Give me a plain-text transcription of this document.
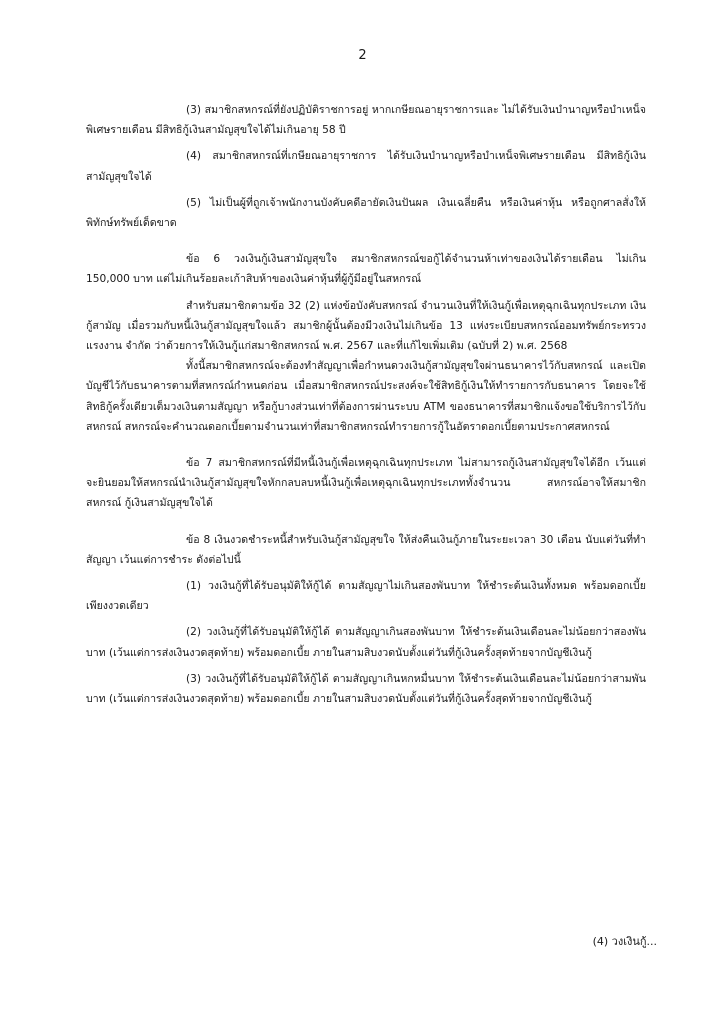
2

(3) สมาชิกสหกรณ์ที่ยังปฏิบัติราชการอยู่ หากเกษียณอายุราชการและ ไม่ได้รับเงินบำนาญหรือบำเหน็จพิเศษรายเดือน มีสิทธิกู้เงินสามัญสุขใจได้ไม่เกินอายุ 58 ปี

(4) สมาชิกสหกรณ์ที่เกษียณอายุราชการ ได้รับเงินบำนาญหรือบำเหน็จพิเศษรายเดือน มีสิทธิกู้เงินสามัญสุขใจได้

(5) ไม่เป็นผู้ที่ถูกเจ้าพนักงานบังคับคดีอายัดเงินปันผล เงินเฉลี่ยคืน หรือเงินค่าหุ้น หรือถูกศาลสั่งให้พิทักษ์ทรัพย์เด็ดขาด

ข้อ 6 วงเงินกู้เงินสามัญสุขใจ สมาชิกสหกรณ์ขอกู้ได้จำนวนห้าเท่าของเงินได้รายเดือน ไม่เกิน 150,000 บาท แต่ไม่เกินร้อยละเก้าสิบห้าของเงินค่าหุ้นที่ผู้กู้มีอยู่ในสหกรณ์

สำหรับสมาชิกตามข้อ 32 (2) แห่งข้อบังคับสหกรณ์ จำนวนเงินที่ให้เงินกู้เพื่อเหตุฉุกเฉินทุกประเภท เงินกู้สามัญ เมื่อรวมกับหนี้เงินกู้สามัญสุขใจแล้ว สมาชิกผู้นั้นต้องมีวงเงินไม่เกินข้อ 13 แห่งระเบียบสหกรณ์ออมทรัพย์กระทรวงแรงงาน จำกัด ว่าด้วยการให้เงินกู้แก่สมาชิกสหกรณ์ พ.ศ. 2567 และที่แก้ไขเพิ่มเติม (ฉบับที่ 2) พ.ศ. 2568

ทั้งนี้สมาชิกสหกรณ์จะต้องทำสัญญาเพื่อกำหนดวงเงินกู้สามัญสุขใจผ่านธนาคารไว้กับสหกรณ์ และเปิดบัญชีไว้กับธนาคารตามที่สหกรณ์กำหนดก่อน เมื่อสมาชิกสหกรณ์ประสงค์จะใช้สิทธิกู้เงินให้ทำรายการกับธนาคาร โดยจะใช้สิทธิกู้ครั้งเดียวเต็มวงเงินตามสัญญา หรือกู้บางส่วนเท่าที่ต้องการผ่านระบบ ATM ของธนาคารที่สมาชิกแจ้งขอใช้บริการไว้กับสหกรณ์ สหกรณ์จะคำนวณดอกเบี้ยตามจำนวนเท่าที่สมาชิกสหกรณ์ทำรายการกู้ในอัตราดอกเบี้ยตามประกาศสหกรณ์

ข้อ 7 สมาชิกสหกรณ์ที่มีหนี้เงินกู้เพื่อเหตุฉุกเฉินทุกประเภท ไม่สามารถกู้เงินสามัญสุขใจได้อีก เว้นแต่จะยินยอมให้สหกรณ์นำเงินกู้สามัญสุขใจหักกลบลบหนี้เงินกู้เพื่อเหตุฉุกเฉินทุกประเภททั้งจำนวน สหกรณ์อาจให้สมาชิกสหกรณ์ กู้เงินสามัญสุขใจได้

ข้อ 8 เงินงวดชำระหนี้สำหรับเงินกู้สามัญสุขใจ ให้ส่งคืนเงินกู้ภายในระยะเวลา 30 เดือน นับแต่วันที่ทำสัญญา เว้นแต่การชำระ ดังต่อไปนี้

(1) วงเงินกู้ที่ได้รับอนุมัติให้กู้ได้ ตามสัญญาไม่เกินสองพันบาท ให้ชำระต้นเงินทั้งหมด พร้อมดอกเบี้ยเพียงงวดเดียว

(2) วงเงินกู้ที่ได้รับอนุมัติให้กู้ได้ ตามสัญญาเกินสองพันบาท ให้ชำระต้นเงินเดือนละไม่น้อยกว่าสองพันบาท (เว้นแต่การส่งเงินงวดสุดท้าย) พร้อมดอกเบี้ย ภายในสามสิบงวดนับตั้งแต่วันที่กู้เงินครั้งสุดท้ายจากบัญชีเงินกู้

(3) วงเงินกู้ที่ได้รับอนุมัติให้กู้ได้ ตามสัญญาเกินหกหมื่นบาท ให้ชำระต้นเงินเดือนละไม่น้อยกว่าสามพันบาท (เว้นแต่การส่งเงินงวดสุดท้าย) พร้อมดอกเบี้ย ภายในสามสิบงวดนับตั้งแต่วันที่กู้เงินครั้งสุดท้ายจากบัญชีเงินกู้

(4) วงเงินกู้...
